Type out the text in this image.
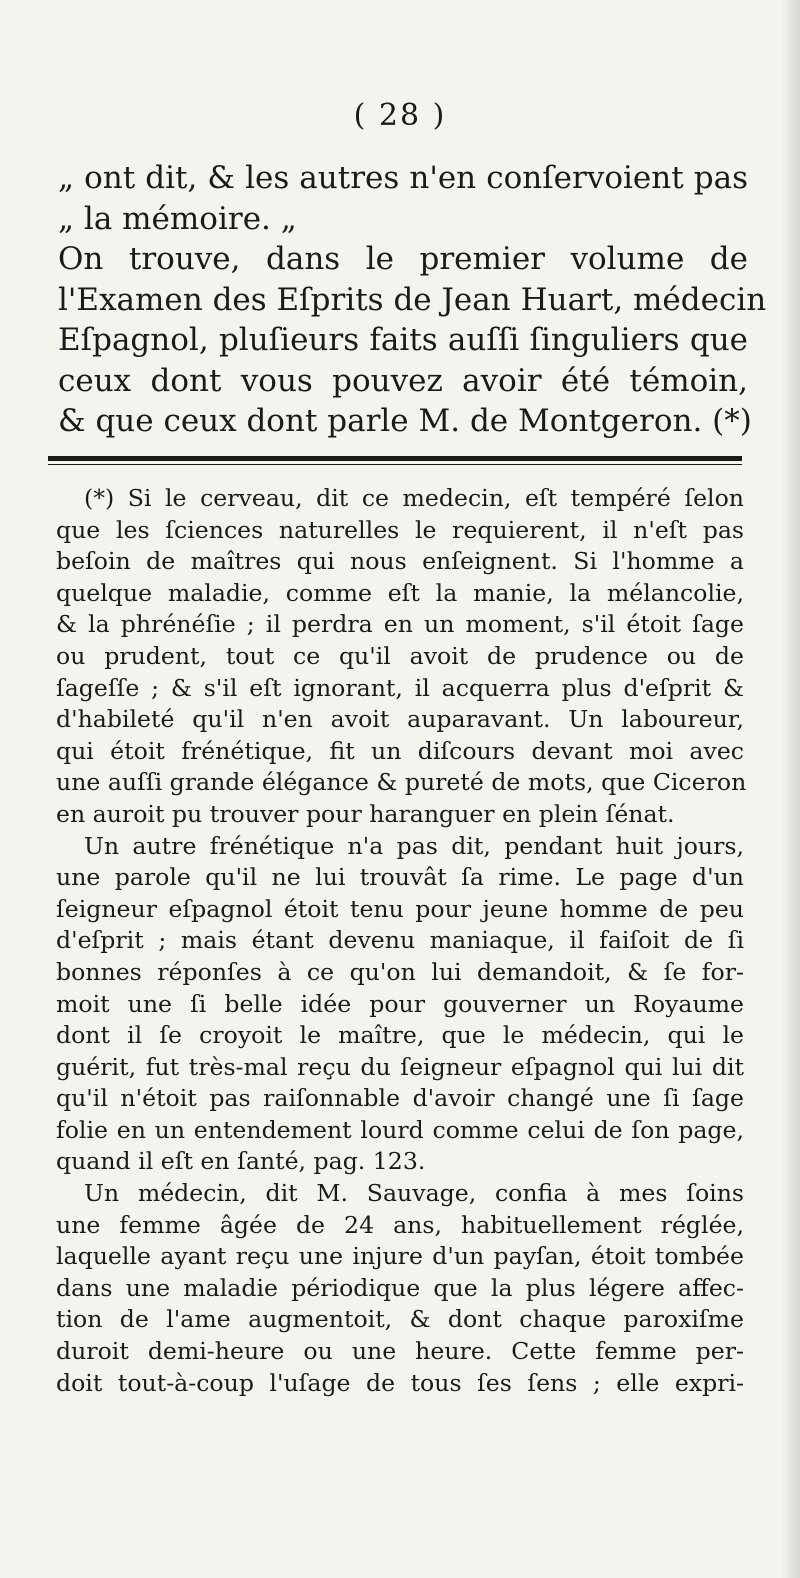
( 28 )
„ ont dit, & les autres n'en conſervoient pas
„ la mémoire. „
On trouve, dans le premier volume de
l'Examen des Eſprits de Jean Huart, médecin
Eſpagnol, pluſieurs faits auſſi ſinguliers que
ceux dont vous pouvez avoir été témoin,
& que ceux dont parle M. de Montgeron. (*)
(*) Si le cerveau, dit ce medecin, eſt tempéré ſelon
que les ſciences naturelles le requierent, il n'eſt pas
beſoin de maîtres qui nous enſeignent. Si l'homme a
quelque maladie, comme eſt la manie, la mélancolie,
& la phrénéſie ; il perdra en un moment, s'il étoit ſage
ou prudent, tout ce qu'il avoit de prudence ou de
ſageſſe ; & s'il eſt ignorant, il acquerra plus d'eſprit &
d'habileté qu'il n'en avoit auparavant. Un laboureur,
qui étoit frénétique, fit un diſcours devant moi avec
une auſſi grande élégance & pureté de mots, que Ciceron
en auroit pu trouver pour haranguer en plein ſénat.
Un autre frénétique n'a pas dit, pendant huit jours,
une parole qu'il ne lui trouvât ſa rime. Le page d'un
ſeigneur eſpagnol étoit tenu pour jeune homme de peu
d'eſprit ; mais étant devenu maniaque, il faiſoit de ſi
bonnes réponſes à ce qu'on lui demandoit, & ſe for-
moit une ſi belle idée pour gouverner un Royaume
dont il ſe croyoit le maître, que le médecin, qui le
guérit, fut très-mal reçu du ſeigneur eſpagnol qui lui dit
qu'il n'étoit pas raiſonnable d'avoir changé une ſi ſage
folie en un entendement lourd comme celui de ſon page,
quand il eſt en ſanté, pag. 123.
Un médecin, dit M. Sauvage, confia à mes ſoins
une femme âgée de 24 ans, habituellement réglée,
laquelle ayant reçu une injure d'un payſan, étoit tombée
dans une maladie périodique que la plus légere affec-
tion de l'ame augmentoit, & dont chaque paroxiſme
duroit demi-heure ou une heure. Cette femme per-
doit tout-à-coup l'uſage de tous ſes ſens ; elle expri-
